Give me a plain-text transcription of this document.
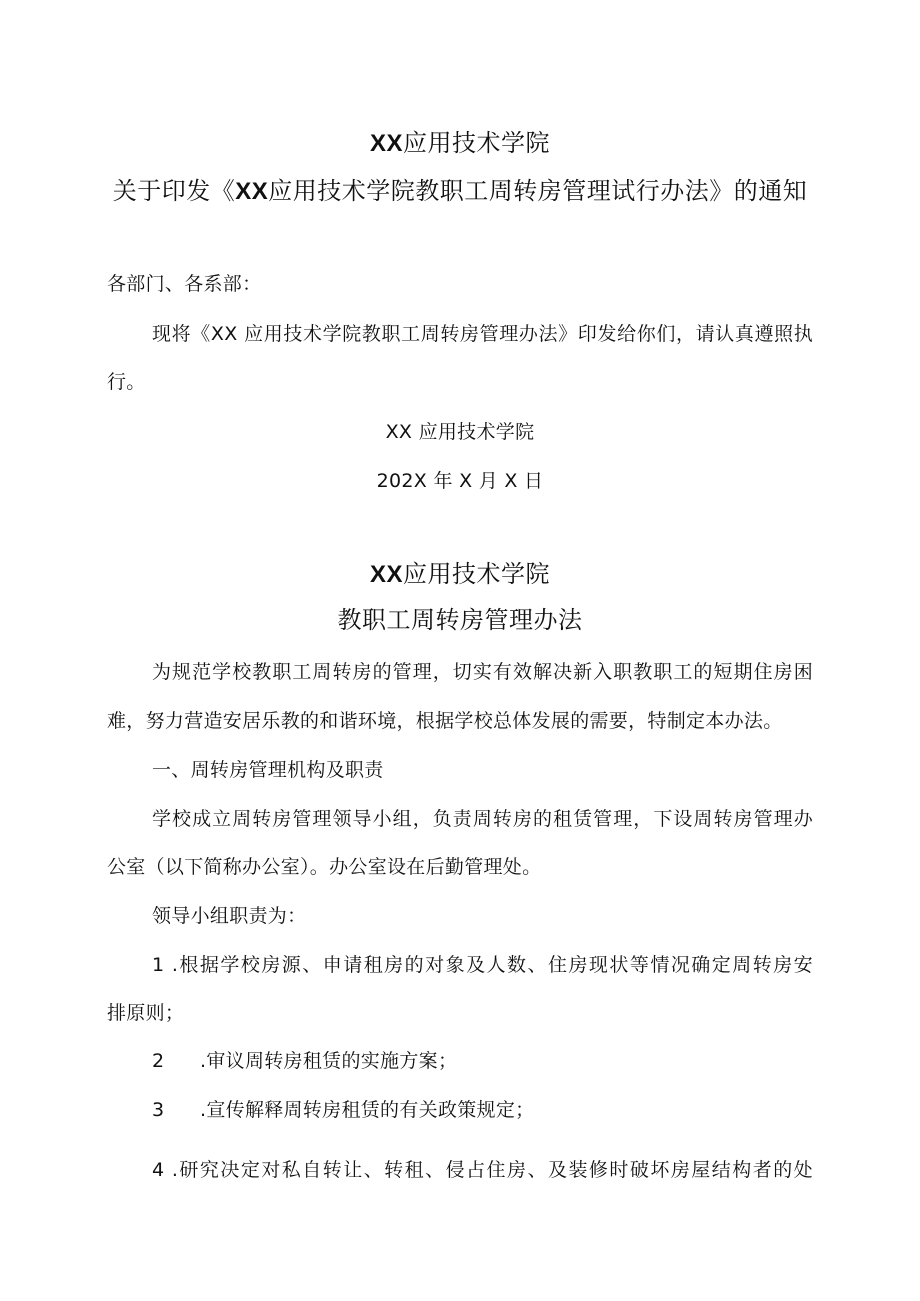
XX应用技术学院
关于印发《XX应用技术学院教职工周转房管理试行办法》的通知
各部门、各系部：
现将《XX 应用技术学院教职工周转房管理办法》印发给你们，请认真遵照执
行。
XX 应用技术学院
202X 年 X 月 X 日
XX应用技术学院
教职工周转房管理办法
为规范学校教职工周转房的管理，切实有效解决新入职教职工的短期住房困
难，努力营造安居乐教的和谐环境，根据学校总体发展的需要，特制定本办法。
一、周转房管理机构及职责
学校成立周转房管理领导小组，负责周转房的租赁管理，下设周转房管理办
公室（以下简称办公室）。办公室设在后勤管理处。
领导小组职责为：
1 .根据学校房源、申请租房的对象及人数、住房现状等情况确定周转房安
排原则；
2 .审议周转房租赁的实施方案；
3 .宣传解释周转房租赁的有关政策规定；
4 .研究决定对私自转让、转租、侵占住房、及装修时破坏房屋结构者的处
